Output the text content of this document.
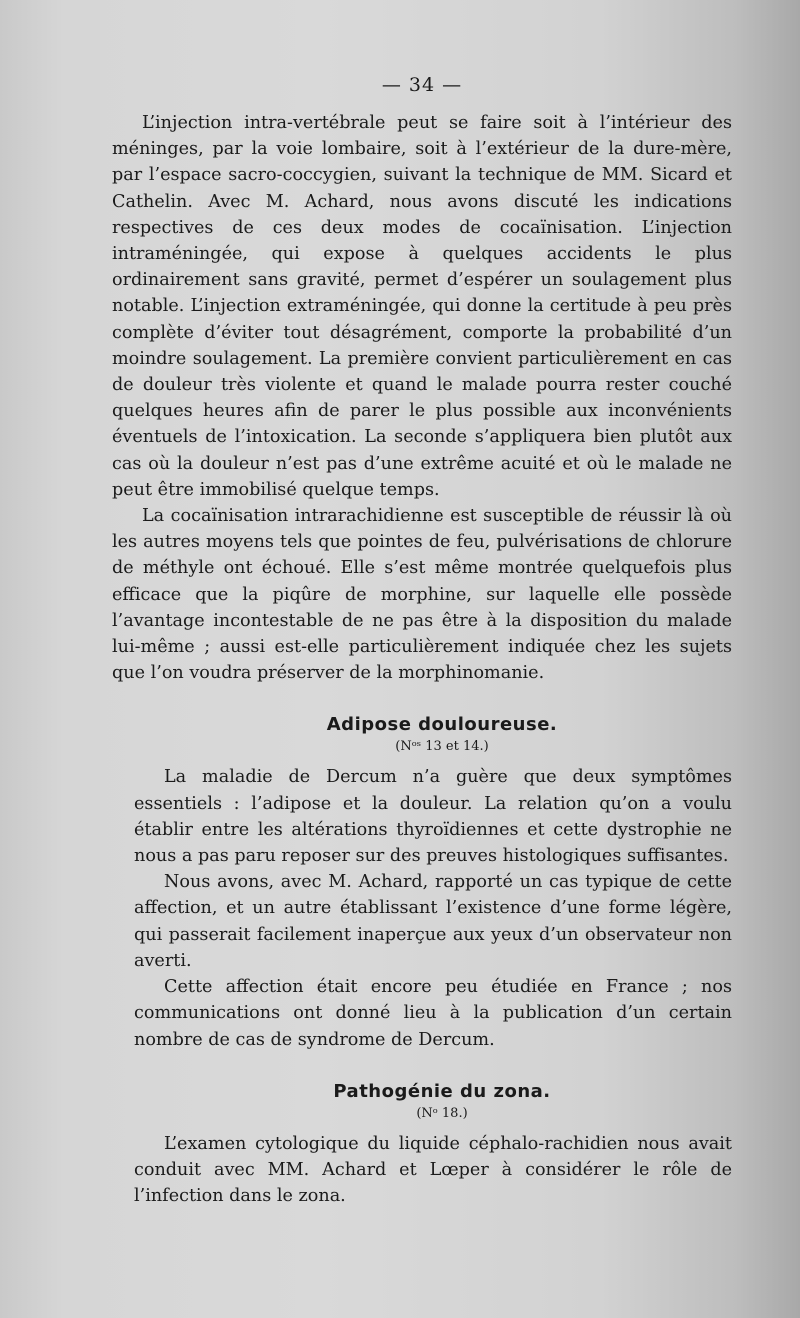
— 34 —

L’injection intra-vertébrale peut se faire soit à l’intérieur des méninges, par la voie lombaire, soit à l’extérieur de la dure-mère, par l’espace sacro-coccygien, suivant la technique de MM. Sicard et Cathelin. Avec M. Achard, nous avons discuté les indications respectives de ces deux modes de cocaïnisation. L’injection intraméningée, qui expose à quelques accidents le plus ordinairement sans gravité, permet d’espérer un soulagement plus notable. L’injection extraméningée, qui donne la certitude à peu près complète d’éviter tout désagrément, comporte la probabilité d’un moindre soulagement. La première convient particulièrement en cas de douleur très violente et quand le malade pourra rester couché quelques heures afin de parer le plus possible aux inconvénients éventuels de l’intoxication. La seconde s’appliquera bien plutôt aux cas où la douleur n’est pas d’une extrême acuité et où le malade ne peut être immobilisé quelque temps.

La cocaïnisation intrarachidienne est susceptible de réussir là où les autres moyens tels que pointes de feu, pulvérisations de chlorure de méthyle ont échoué. Elle s’est même montrée quelquefois plus efficace que la piqûre de morphine, sur laquelle elle possède l’avantage incontestable de ne pas être à la disposition du malade lui-même ; aussi est-elle particulièrement indiquée chez les sujets que l’on voudra préserver de la morphinomanie.

Adipose douloureuse.
(Nᵒˢ 13 et 14.)

La maladie de Dercum n’a guère que deux symptômes essentiels : l’adipose et la douleur. La relation qu’on a voulu établir entre les altérations thyroïdiennes et cette dystrophie ne nous a pas paru reposer sur des preuves histologiques suffisantes.

Nous avons, avec M. Achard, rapporté un cas typique de cette affection, et un autre établissant l’existence d’une forme légère, qui passerait facilement inaperçue aux yeux d’un observateur non averti.

Cette affection était encore peu étudiée en France ; nos communications ont donné lieu à la publication d’un certain nombre de cas de syndrome de Dercum.

Pathogénie du zona.
(Nᵒ 18.)

L’examen cytologique du liquide céphalo-rachidien nous avait conduit avec MM. Achard et Lœper à considérer le rôle de l’infection dans le zona.
